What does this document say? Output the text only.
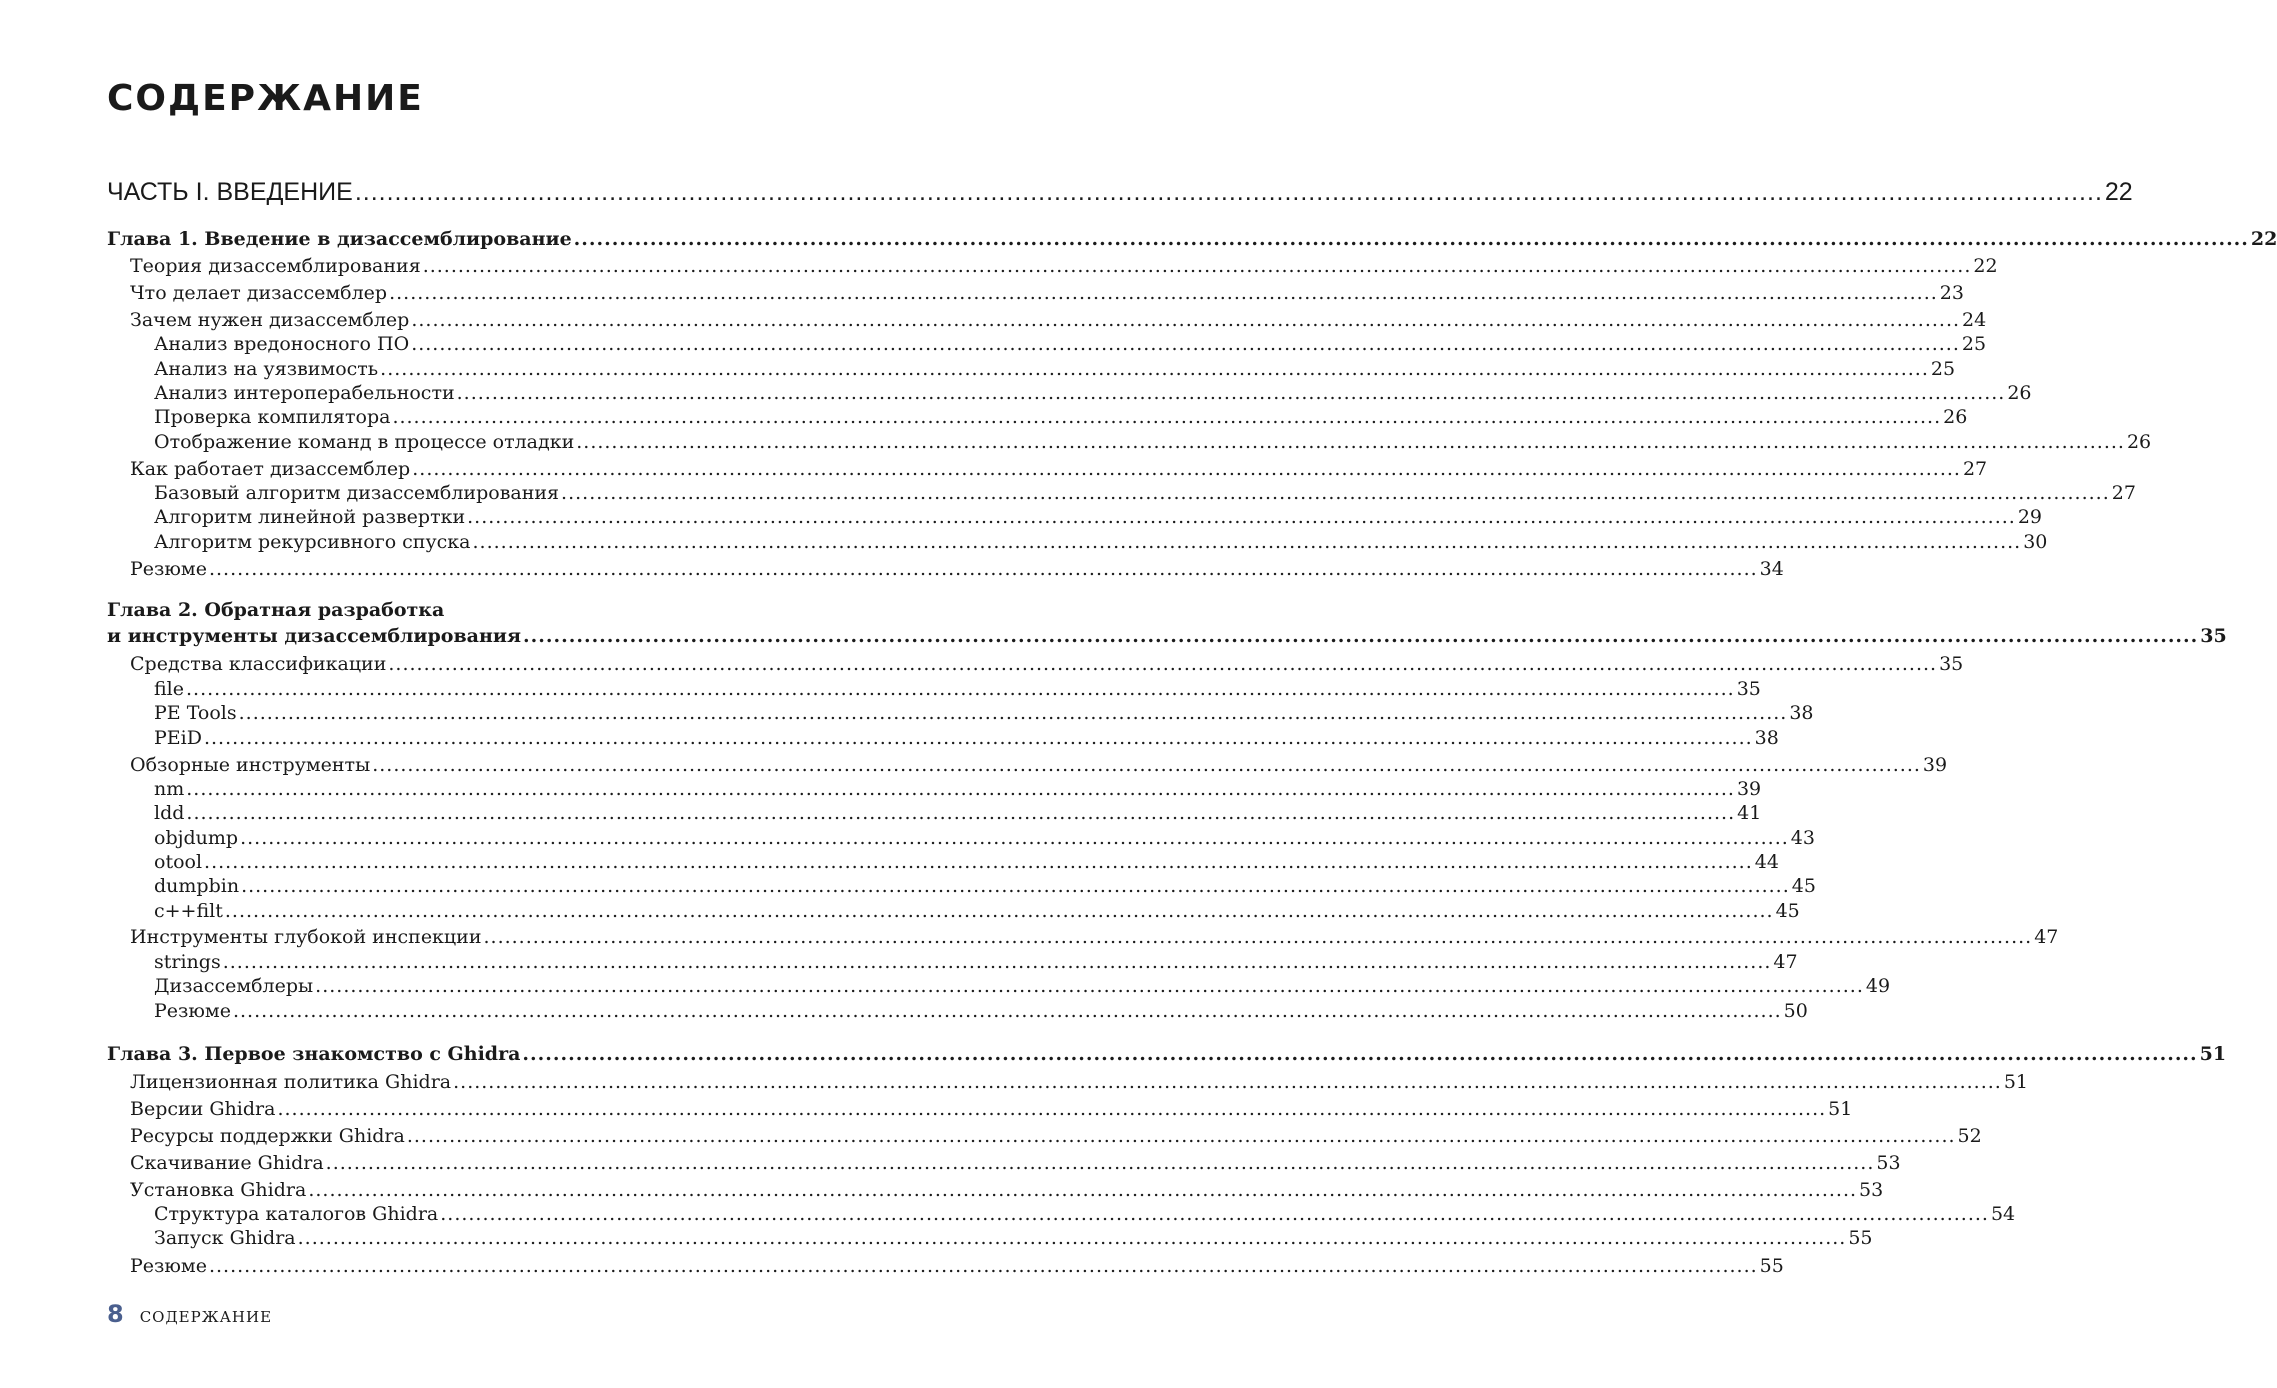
СОДЕРЖАНИЕ
ЧАСТЬ I. ВВЕДЕНИЕ ............................................................................................................................................................................................................................ 22
Глава 1. Введение в дизассемблирование ............................................................................................................................................................................................................................ 22
Теория дизассемблирования ............................................................................................................................................................................................................................ 22
Что делает дизассемблер ............................................................................................................................................................................................................................ 23
Зачем нужен дизассемблер ............................................................................................................................................................................................................................ 24
Анализ вредоносного ПО ............................................................................................................................................................................................................................ 25
Анализ на уязвимость ............................................................................................................................................................................................................................ 25
Анализ интероперабельности ............................................................................................................................................................................................................................ 26
Проверка компилятора ............................................................................................................................................................................................................................ 26
Отображение команд в процессе отладки ............................................................................................................................................................................................................................ 26
Как работает дизассемблер ............................................................................................................................................................................................................................ 27
Базовый алгоритм дизассемблирования ............................................................................................................................................................................................................................ 27
Алгоритм линейной развертки ............................................................................................................................................................................................................................ 29
Алгоритм рекурсивного спуска ............................................................................................................................................................................................................................ 30
Резюме ............................................................................................................................................................................................................................ 34
Глава 2. Обратная разработка
и инструменты дизассемблирования ............................................................................................................................................................................................................................ 35
Средства классификации ............................................................................................................................................................................................................................ 35
file ............................................................................................................................................................................................................................ 35
PE Tools ............................................................................................................................................................................................................................ 38
PEiD ............................................................................................................................................................................................................................ 38
Обзорные инструменты ............................................................................................................................................................................................................................ 39
nm ............................................................................................................................................................................................................................ 39
ldd ............................................................................................................................................................................................................................ 41
objdump ............................................................................................................................................................................................................................ 43
otool ............................................................................................................................................................................................................................ 44
dumpbin ............................................................................................................................................................................................................................ 45
c++filt ............................................................................................................................................................................................................................ 45
Инструменты глубокой инспекции ............................................................................................................................................................................................................................ 47
strings ............................................................................................................................................................................................................................ 47
Дизассемблеры ............................................................................................................................................................................................................................ 49
Резюме ............................................................................................................................................................................................................................ 50
Глава 3. Первое знакомство с Ghidra ............................................................................................................................................................................................................................ 51
Лицензионная политика Ghidra ............................................................................................................................................................................................................................ 51
Версии Ghidra ............................................................................................................................................................................................................................ 51
Ресурсы поддержки Ghidra ............................................................................................................................................................................................................................ 52
Скачивание Ghidra ............................................................................................................................................................................................................................ 53
Установка Ghidra ............................................................................................................................................................................................................................ 53
Структура каталогов Ghidra ............................................................................................................................................................................................................................ 54
Запуск Ghidra ............................................................................................................................................................................................................................ 55
Резюме ............................................................................................................................................................................................................................ 55
8 СОДЕРЖАНИЕ
